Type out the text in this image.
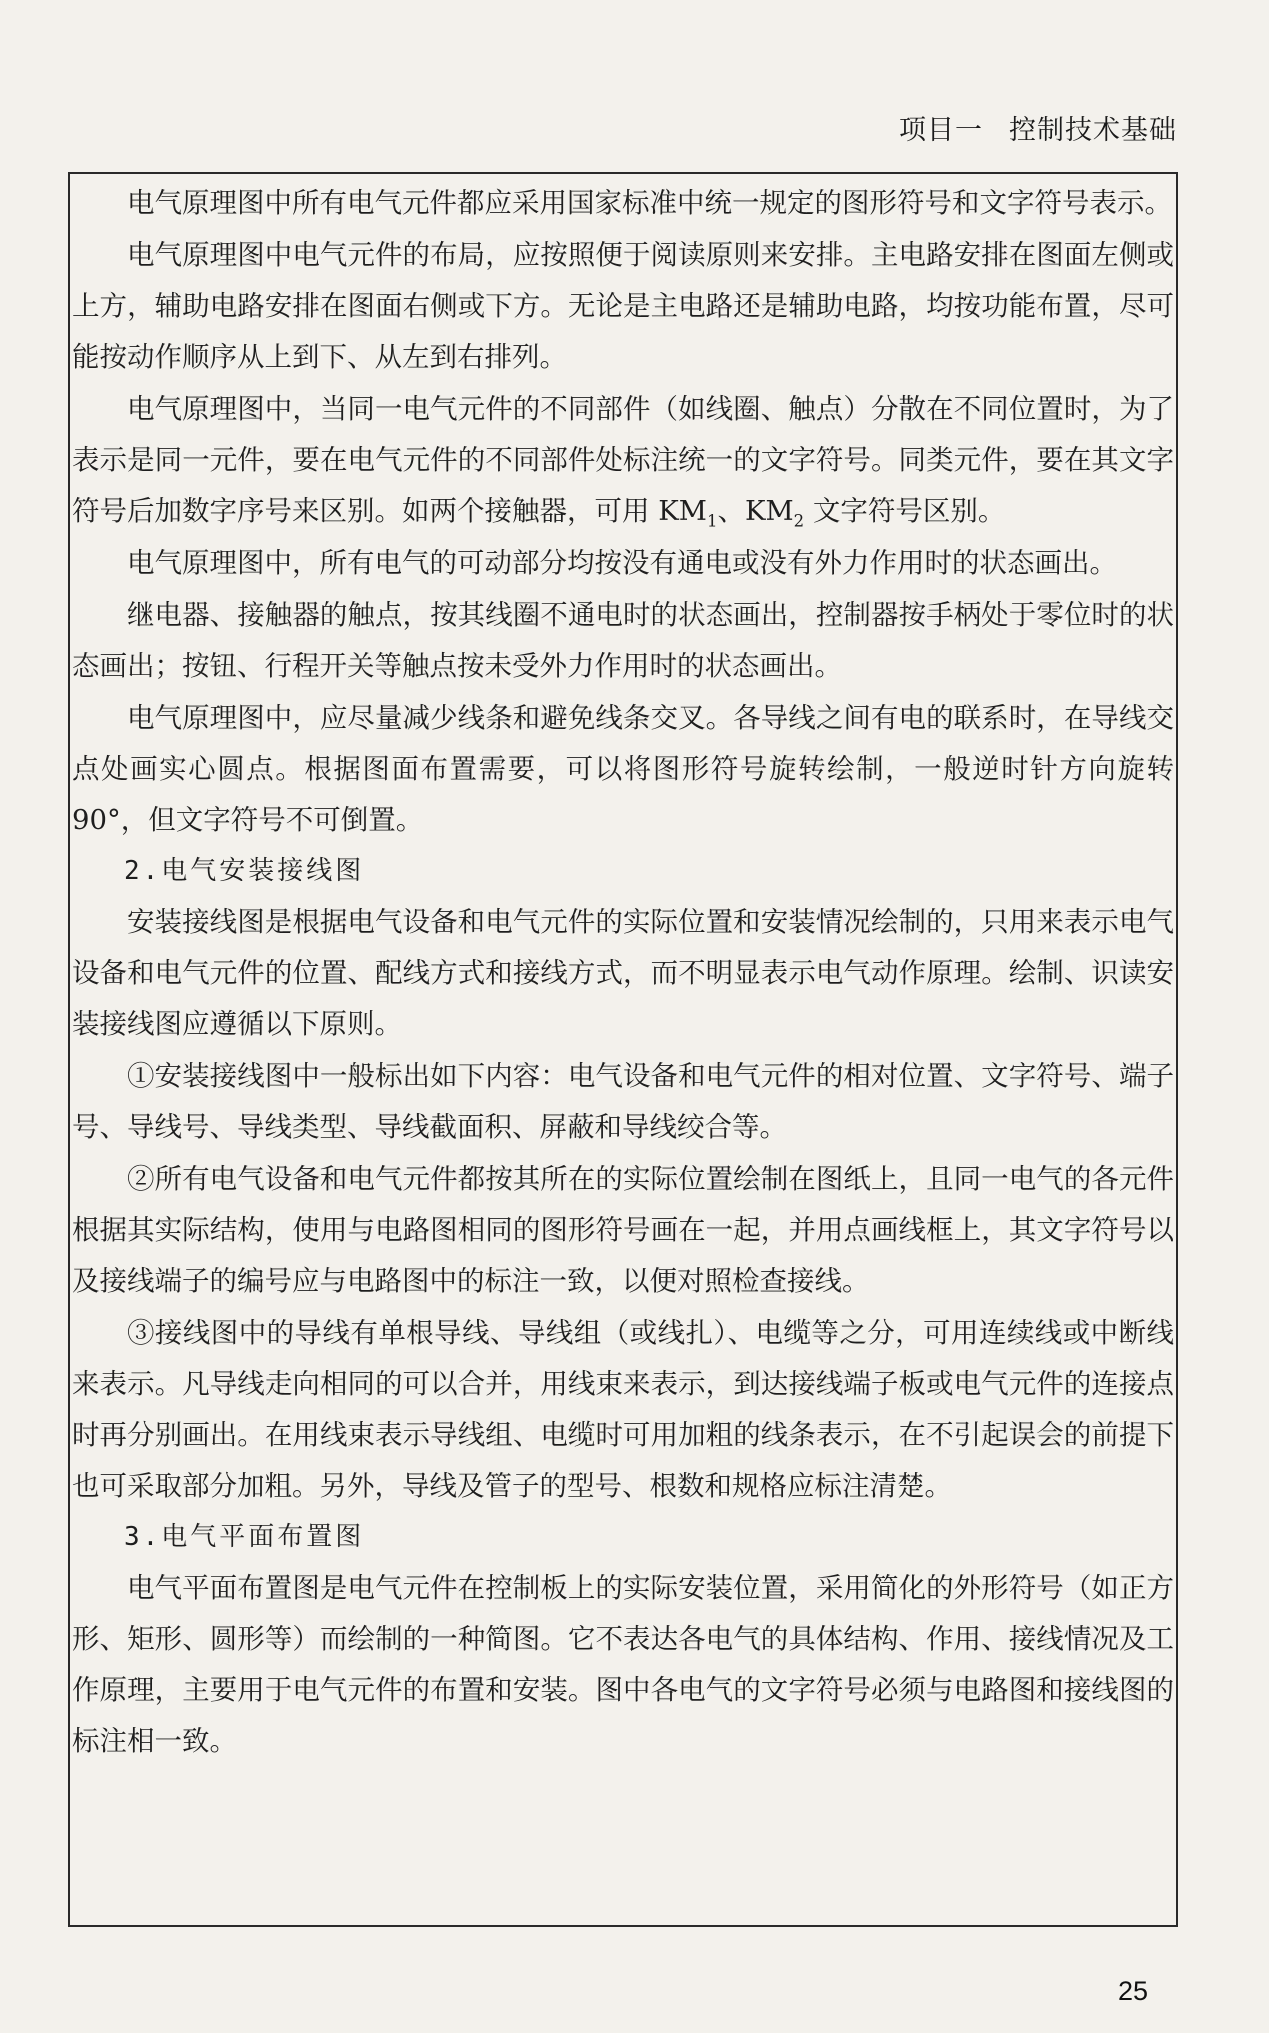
项目一 控制技术基础

电气原理图中所有电气元件都应采用国家标准中统一规定的图形符号和文字符号表示。

电气原理图中电气元件的布局，应按照便于阅读原则来安排。主电路安排在图面左侧或上方，辅助电路安排在图面右侧或下方。无论是主电路还是辅助电路，均按功能布置，尽可能按动作顺序从上到下、从左到右排列。

电气原理图中，当同一电气元件的不同部件（如线圈、触点）分散在不同位置时，为了表示是同一元件，要在电气元件的不同部件处标注统一的文字符号。同类元件，要在其文字符号后加数字序号来区别。如两个接触器，可用 $KM_1$、$KM_2$ 文字符号区别。

电气原理图中，所有电气的可动部分均按没有通电或没有外力作用时的状态画出。

继电器、接触器的触点，按其线圈不通电时的状态画出，控制器按手柄处于零位时的状态画出；按钮、行程开关等触点按未受外力作用时的状态画出。

电气原理图中，应尽量减少线条和避免线条交叉。各导线之间有电的联系时，在导线交点处画实心圆点。根据图面布置需要，可以将图形符号旋转绘制，一般逆时针方向旋转90°，但文字符号不可倒置。

2.电气安装接线图

安装接线图是根据电气设备和电气元件的实际位置和安装情况绘制的，只用来表示电气设备和电气元件的位置、配线方式和接线方式，而不明显表示电气动作原理。绘制、识读安装接线图应遵循以下原则。

①安装接线图中一般标出如下内容：电气设备和电气元件的相对位置、文字符号、端子号、导线号、导线类型、导线截面积、屏蔽和导线绞合等。

②所有电气设备和电气元件都按其所在的实际位置绘制在图纸上，且同一电气的各元件根据其实际结构，使用与电路图相同的图形符号画在一起，并用点画线框上，其文字符号以及接线端子的编号应与电路图中的标注一致，以便对照检查接线。

③接线图中的导线有单根导线、导线组（或线扎）、电缆等之分，可用连续线或中断线来表示。凡导线走向相同的可以合并，用线束来表示，到达接线端子板或电气元件的连接点时再分别画出。在用线束表示导线组、电缆时可用加粗的线条表示，在不引起误会的前提下也可采取部分加粗。另外，导线及管子的型号、根数和规格应标注清楚。

3.电气平面布置图

电气平面布置图是电气元件在控制板上的实际安装位置，采用简化的外形符号（如正方形、矩形、圆形等）而绘制的一种简图。它不表达各电气的具体结构、作用、接线情况及工作原理，主要用于电气元件的布置和安装。图中各电气的文字符号必须与电路图和接线图的标注相一致。

25
